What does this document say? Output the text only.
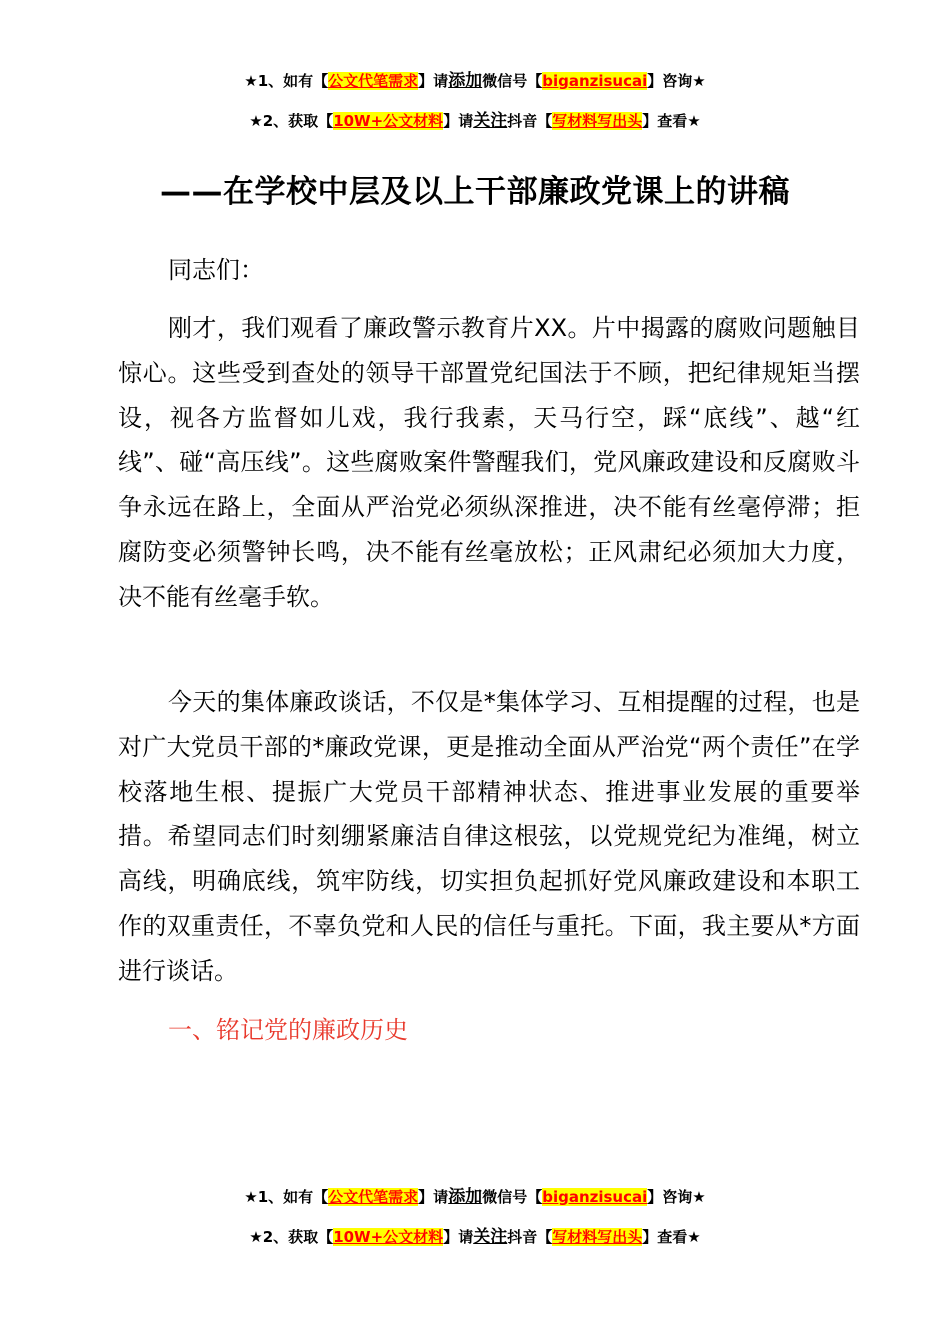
★1、如有【公文代笔需求】请添加微信号【biganzisucai】咨询★
★2、获取【10W+公文材料】请关注抖音【写材料写出头】查看★
——在学校中层及以上干部廉政党课上的讲稿
同志们：

刚才，我们观看了廉政警示教育片XX。片中揭露的腐败问题触目惊心。这些受到查处的领导干部置党纪国法于不顾，把纪律规矩当摆设，视各方监督如儿戏，我行我素，天马行空，踩“底线”、越“红线”、碰“高压线”。这些腐败案件警醒我们，党风廉政建设和反腐败斗争永远在路上，全面从严治党必须纵深推进，决不能有丝毫停滞；拒腐防变必须警钟长鸣，决不能有丝毫放松；正风肃纪必须加大力度，决不能有丝毫手软。

今天的集体廉政谈话，不仅是*集体学习、互相提醒的过程，也是对广大党员干部的*廉政党课，更是推动全面从严治党“两个责任”在学校落地生根、提振广大党员干部精神状态、推进事业发展的重要举措。希望同志们时刻绷紧廉洁自律这根弦，以党规党纪为准绳，树立高线，明确底线，筑牢防线，切实担负起抓好党风廉政建设和本职工作的双重责任，不辜负党和人民的信任与重托。下面，我主要从*方面进行谈话。

一、铭记党的廉政历史
★1、如有【公文代笔需求】请添加微信号【biganzisucai】咨询★
★2、获取【10W+公文材料】请关注抖音【写材料写出头】查看★
